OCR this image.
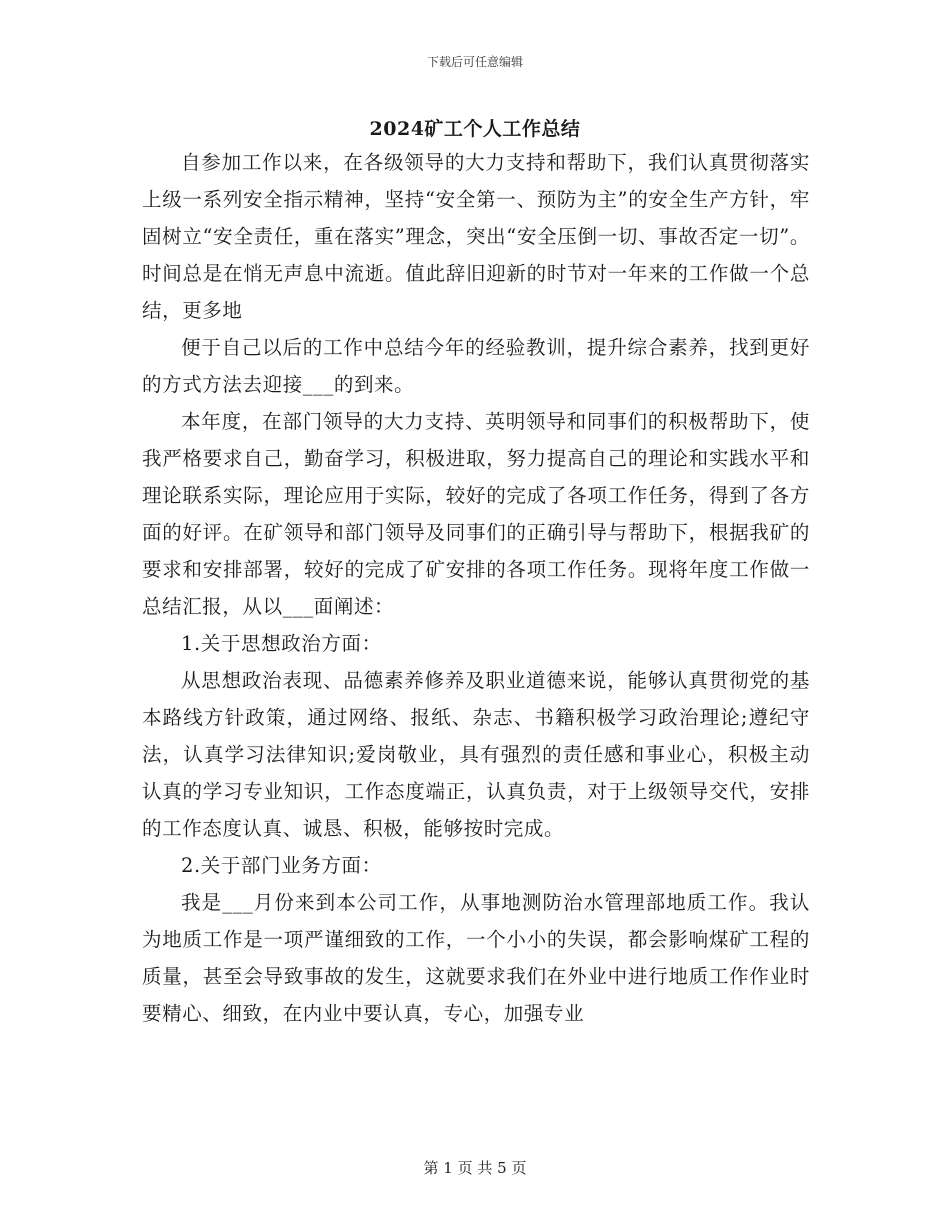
下载后可任意编辑
2024矿工个人工作总结

自参加工作以来，在各级领导的大力支持和帮助下，我们认真贯彻落实上级一系列安全指示精神，坚持“安全第一、预防为主”的安全生产方针，牢固树立“安全责任，重在落实”理念，突出“安全压倒一切、事故否定一切”。时间总是在悄无声息中流逝。值此辞旧迎新的时节对一年来的工作做一个总结，更多地

便于自己以后的工作中总结今年的经验教训，提升综合素养，找到更好的方式方法去迎接___的到来。

本年度，在部门领导的大力支持、英明领导和同事们的积极帮助下，使我严格要求自己，勤奋学习，积极进取，努力提高自己的理论和实践水平和理论联系实际，理论应用于实际，较好的完成了各项工作任务，得到了各方面的好评。在矿领导和部门领导及同事们的正确引导与帮助下，根据我矿的要求和安排部署，较好的完成了矿安排的各项工作任务。现将年度工作做一总结汇报，从以___面阐述：

1.关于思想政治方面：

从思想政治表现、品德素养修养及职业道德来说，能够认真贯彻党的基本路线方针政策，通过网络、报纸、杂志、书籍积极学习政治理论;遵纪守法，认真学习法律知识;爱岗敬业，具有强烈的责任感和事业心，积极主动认真的学习专业知识，工作态度端正，认真负责，对于上级领导交代，安排的工作态度认真、诚恳、积极，能够按时完成。

2.关于部门业务方面：

我是___月份来到本公司工作，从事地测防治水管理部地质工作。我认为地质工作是一项严谨细致的工作，一个小小的失误，都会影响煤矿工程的质量，甚至会导致事故的发生，这就要求我们在外业中进行地质工作作业时要精心、细致，在内业中要认真，专心，加强专业

第 1 页 共 5 页
